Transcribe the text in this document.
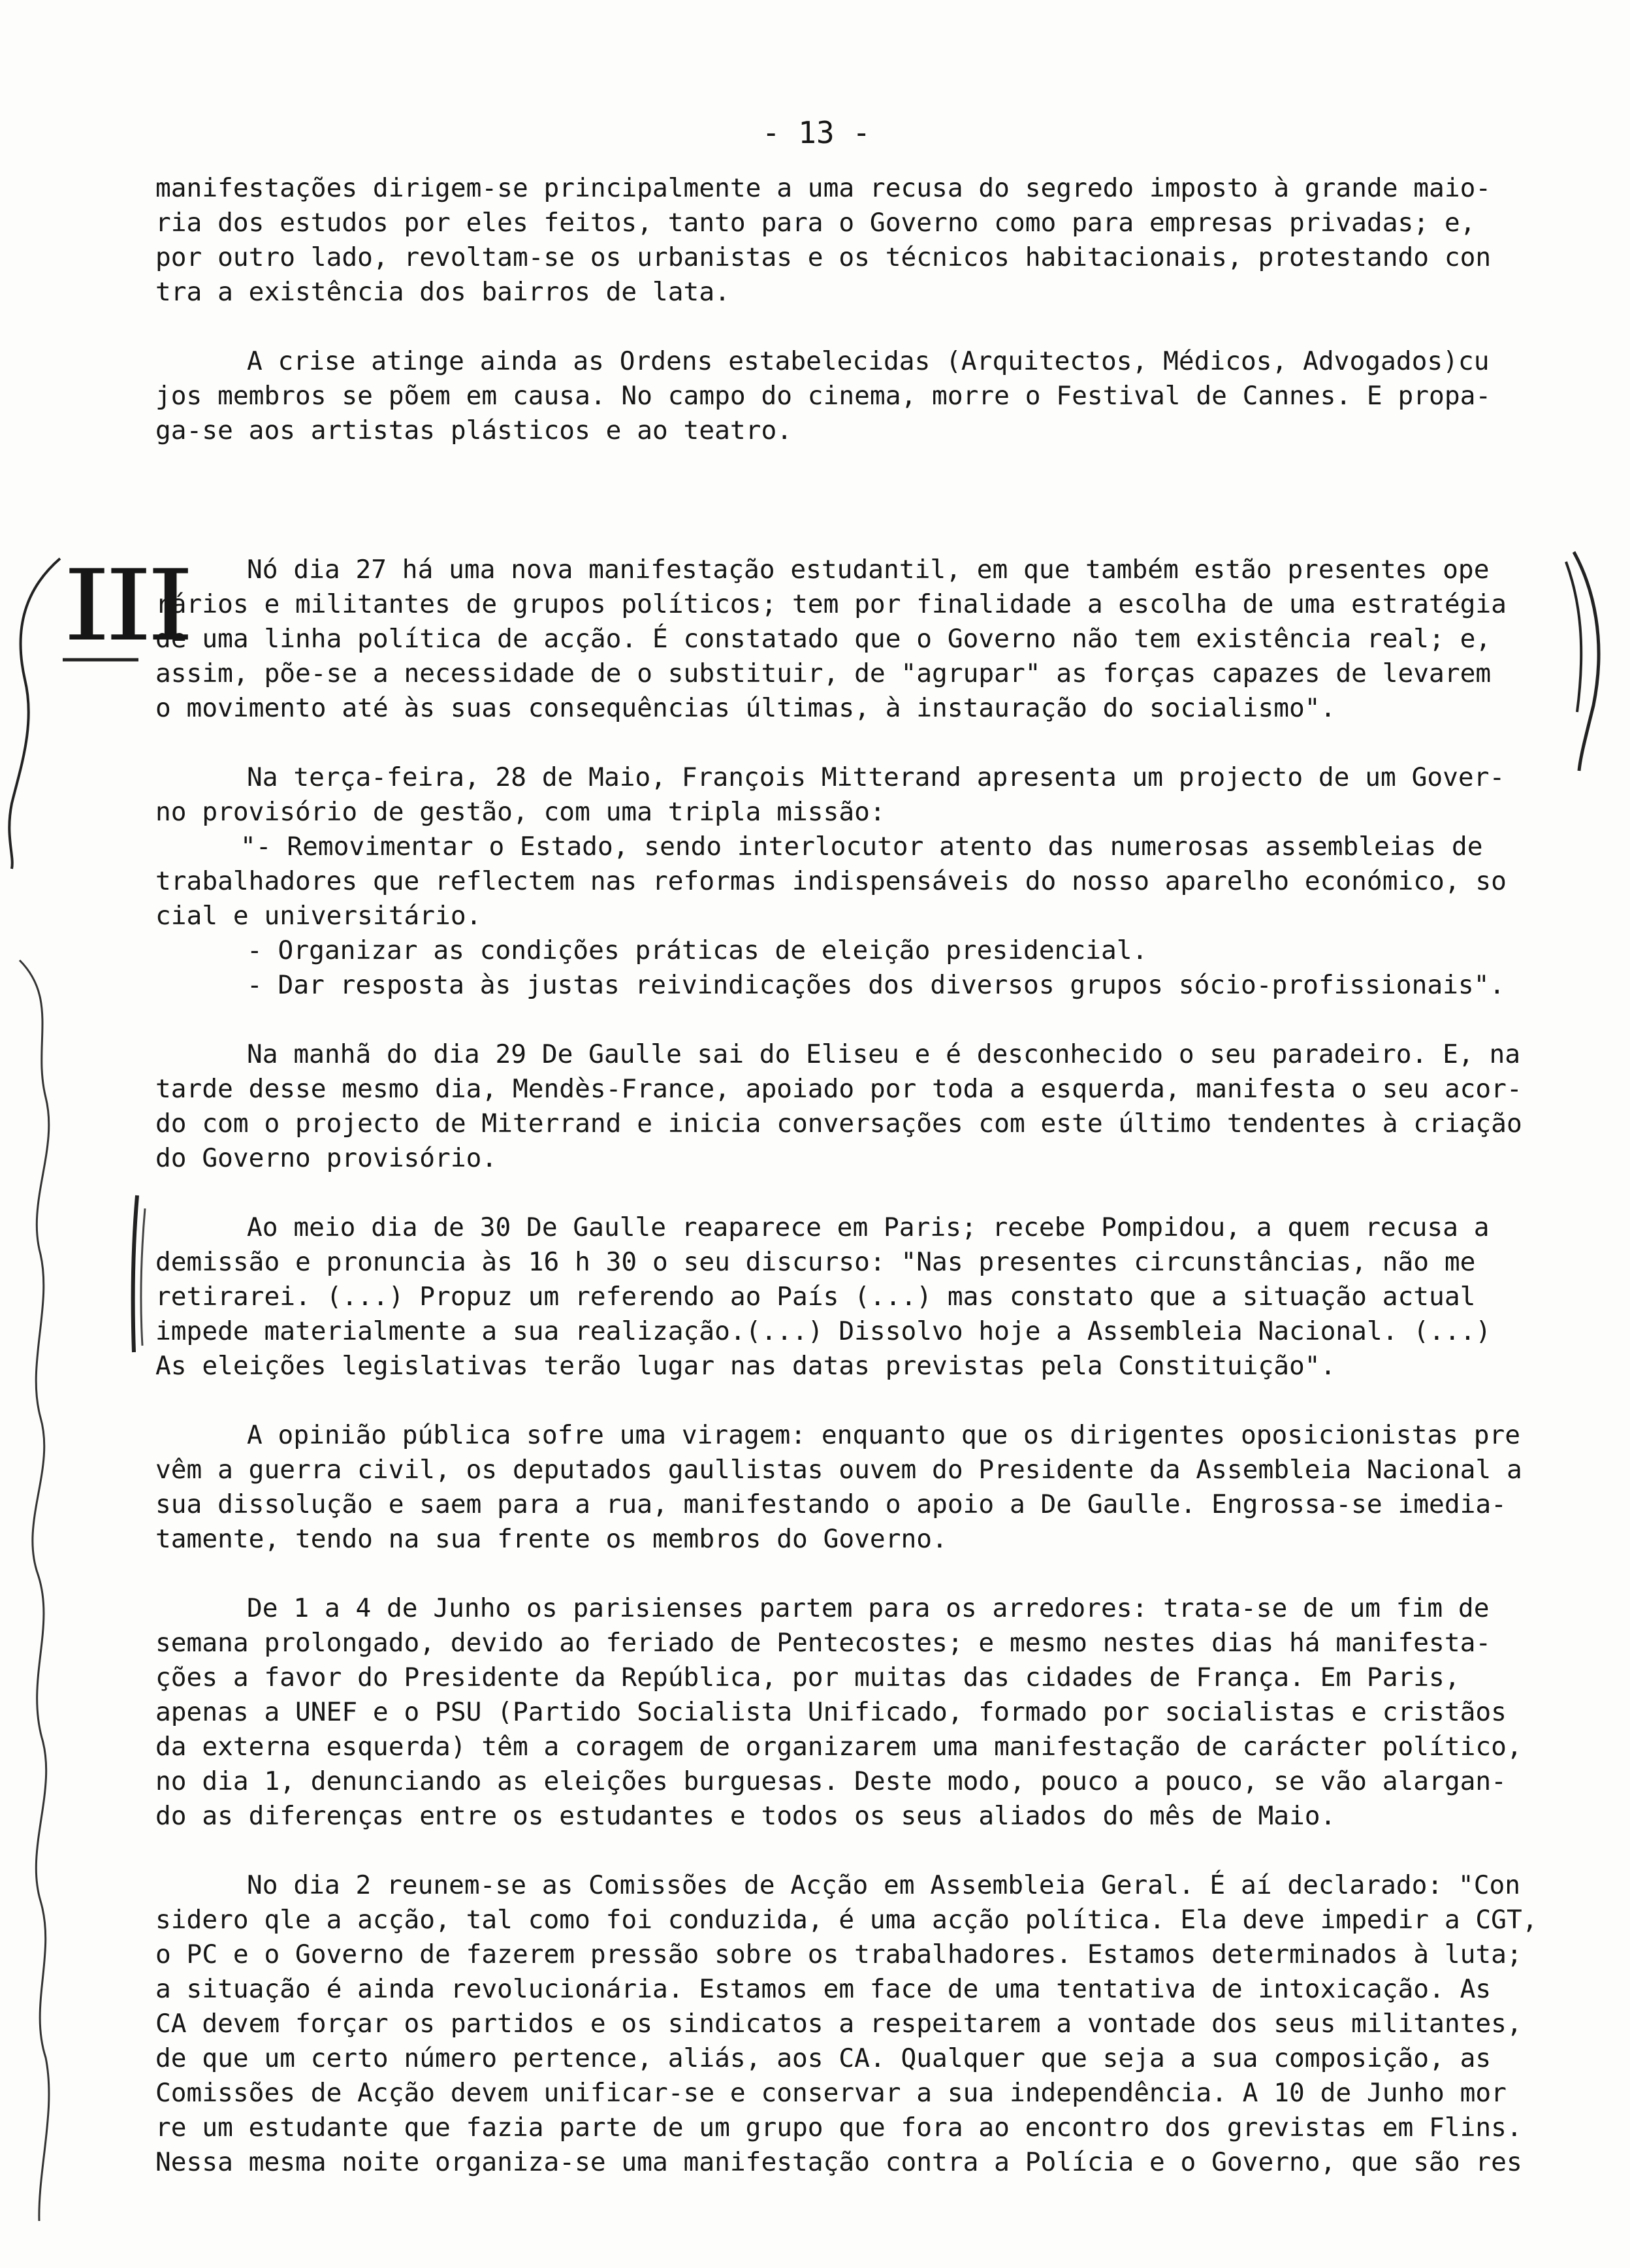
- 13 -
III
manifestações dirigem-se principalmente a uma recusa do segredo imposto à grande maio-
ria dos estudos por eles feitos, tanto para o Governo como para empresas privadas; e,
por outro lado, revoltam-se os urbanistas e os técnicos habitacionais, protestando con
tra a existência dos bairros de lata.
A crise atinge ainda as Ordens estabelecidas (Arquitectos, Médicos, Advogados)cu
jos membros se põem em causa. No campo do cinema, morre o Festival de Cannes. E propa-
ga-se aos artistas plásticos e ao teatro.
Nó dia 27 há uma nova manifestação estudantil, em que também estão presentes ope
rários e militantes de grupos políticos; tem por finalidade a escolha de uma estratégia
de uma linha política de acção. É constatado que o Governo não tem existência real; e,
assim, põe-se a necessidade de o substituir, de "agrupar" as forças capazes de levarem
o movimento até às suas consequências últimas, à instauração do socialismo".
Na terça-feira, 28 de Maio, François Mitterand apresenta um projecto de um Gover-
no provisório de gestão, com uma tripla missão:
"- Removimentar o Estado, sendo interlocutor atento das numerosas assembleias de
trabalhadores que reflectem nas reformas indispensáveis do nosso aparelho económico, so
cial e universitário.
- Organizar as condições práticas de eleição presidencial.
- Dar resposta às justas reivindicações dos diversos grupos sócio-profissionais".
Na manhã do dia 29 De Gaulle sai do Eliseu e é desconhecido o seu paradeiro. E, na
tarde desse mesmo dia, Mendès-France, apoiado por toda a esquerda, manifesta o seu acor-
do com o projecto de Miterrand e inicia conversações com este último tendentes à criação
do Governo provisório.
Ao meio dia de 30 De Gaulle reaparece em Paris; recebe Pompidou, a quem recusa a
demissão e pronuncia às 16 h 30 o seu discurso: "Nas presentes circunstâncias, não me
retirarei. (...) Propuz um referendo ao País (...) mas constato que a situação actual
impede materialmente a sua realização.(...) Dissolvo hoje a Assembleia Nacional. (...)
As eleições legislativas terão lugar nas datas previstas pela Constituição".
A opinião pública sofre uma viragem: enquanto que os dirigentes oposicionistas pre
vêm a guerra civil, os deputados gaullistas ouvem do Presidente da Assembleia Nacional a
sua dissolução e saem para a rua, manifestando o apoio a De Gaulle. Engrossa-se imedia-
tamente, tendo na sua frente os membros do Governo.
De 1 a 4 de Junho os parisienses partem para os arredores: trata-se de um fim de
semana prolongado, devido ao feriado de Pentecostes; e mesmo nestes dias há manifesta-
ções a favor do Presidente da República, por muitas das cidades de França. Em Paris,
apenas a UNEF e o PSU (Partido Socialista Unificado, formado por socialistas e cristãos
da externa esquerda) têm a coragem de organizarem uma manifestação de carácter político,
no dia 1, denunciando as eleições burguesas. Deste modo, pouco a pouco, se vão alargan-
do as diferenças entre os estudantes e todos os seus aliados do mês de Maio.
No dia 2 reunem-se as Comissões de Acção em Assembleia Geral. É aí declarado: "Con
sidero qle a acção, tal como foi conduzida, é uma acção política. Ela deve impedir a CGT,
o PC e o Governo de fazerem pressão sobre os trabalhadores. Estamos determinados à luta;
a situação é ainda revolucionária. Estamos em face de uma tentativa de intoxicação. As
CA devem forçar os partidos e os sindicatos a respeitarem a vontade dos seus militantes,
de que um certo número pertence, aliás, aos CA. Qualquer que seja a sua composição, as
Comissões de Acção devem unificar-se e conservar a sua independência. A 10 de Junho mor
re um estudante que fazia parte de um grupo que fora ao encontro dos grevistas em Flins.
Nessa mesma noite organiza-se uma manifestação contra a Polícia e o Governo, que são res
